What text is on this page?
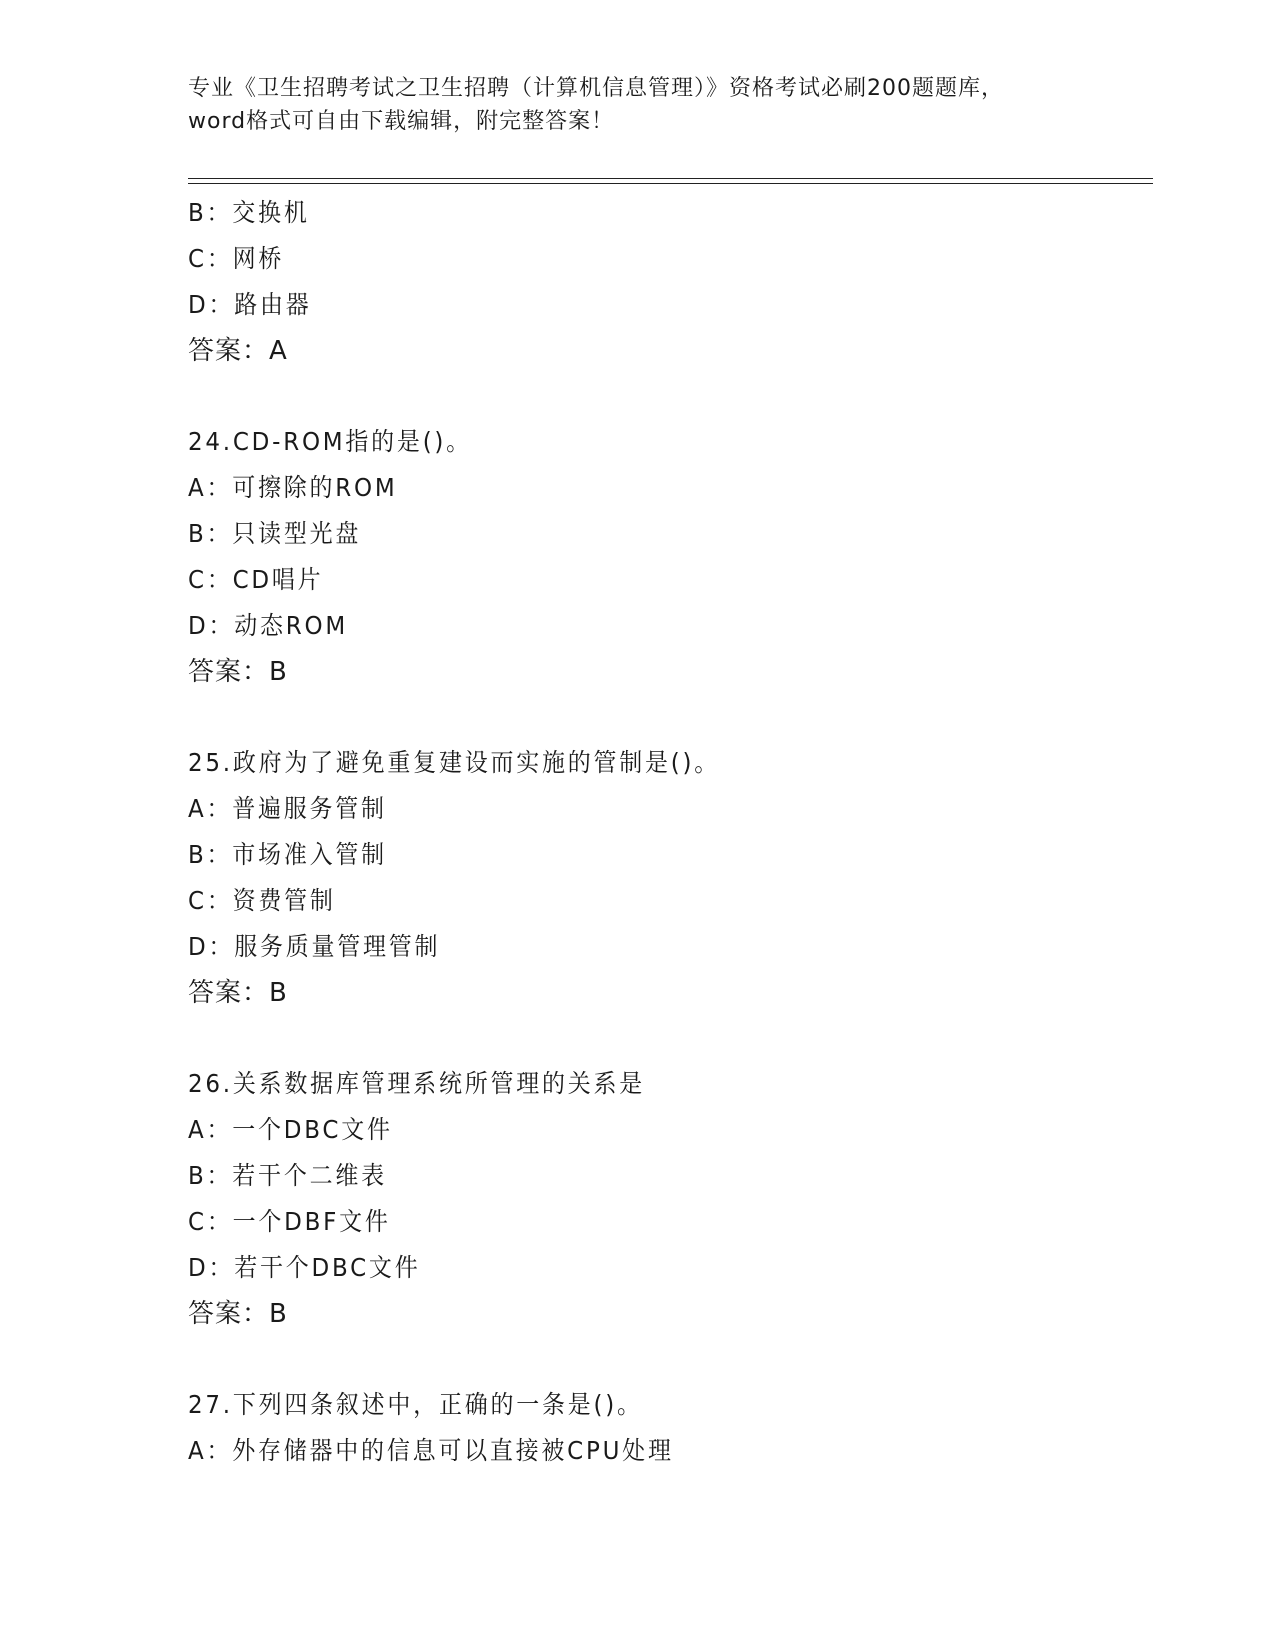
专业《卫生招聘考试之卫生招聘（计算机信息管理）》资格考试必刷200题题库，
word格式可自由下载编辑，附完整答案！
B：交换机
C：网桥
D：路由器
答案：A
24.CD-ROM指的是()。
A：可擦除的ROM
B：只读型光盘
C：CD唱片
D：动态ROM
答案：B
25.政府为了避免重复建设而实施的管制是()。
A：普遍服务管制
B：市场准入管制
C：资费管制
D：服务质量管理管制
答案：B
26.关系数据库管理系统所管理的关系是
A：一个DBC文件
B：若干个二维表
C：一个DBF文件
D：若干个DBC文件
答案：B
27.下列四条叙述中，正确的一条是()。
A：外存储器中的信息可以直接被CPU处理
